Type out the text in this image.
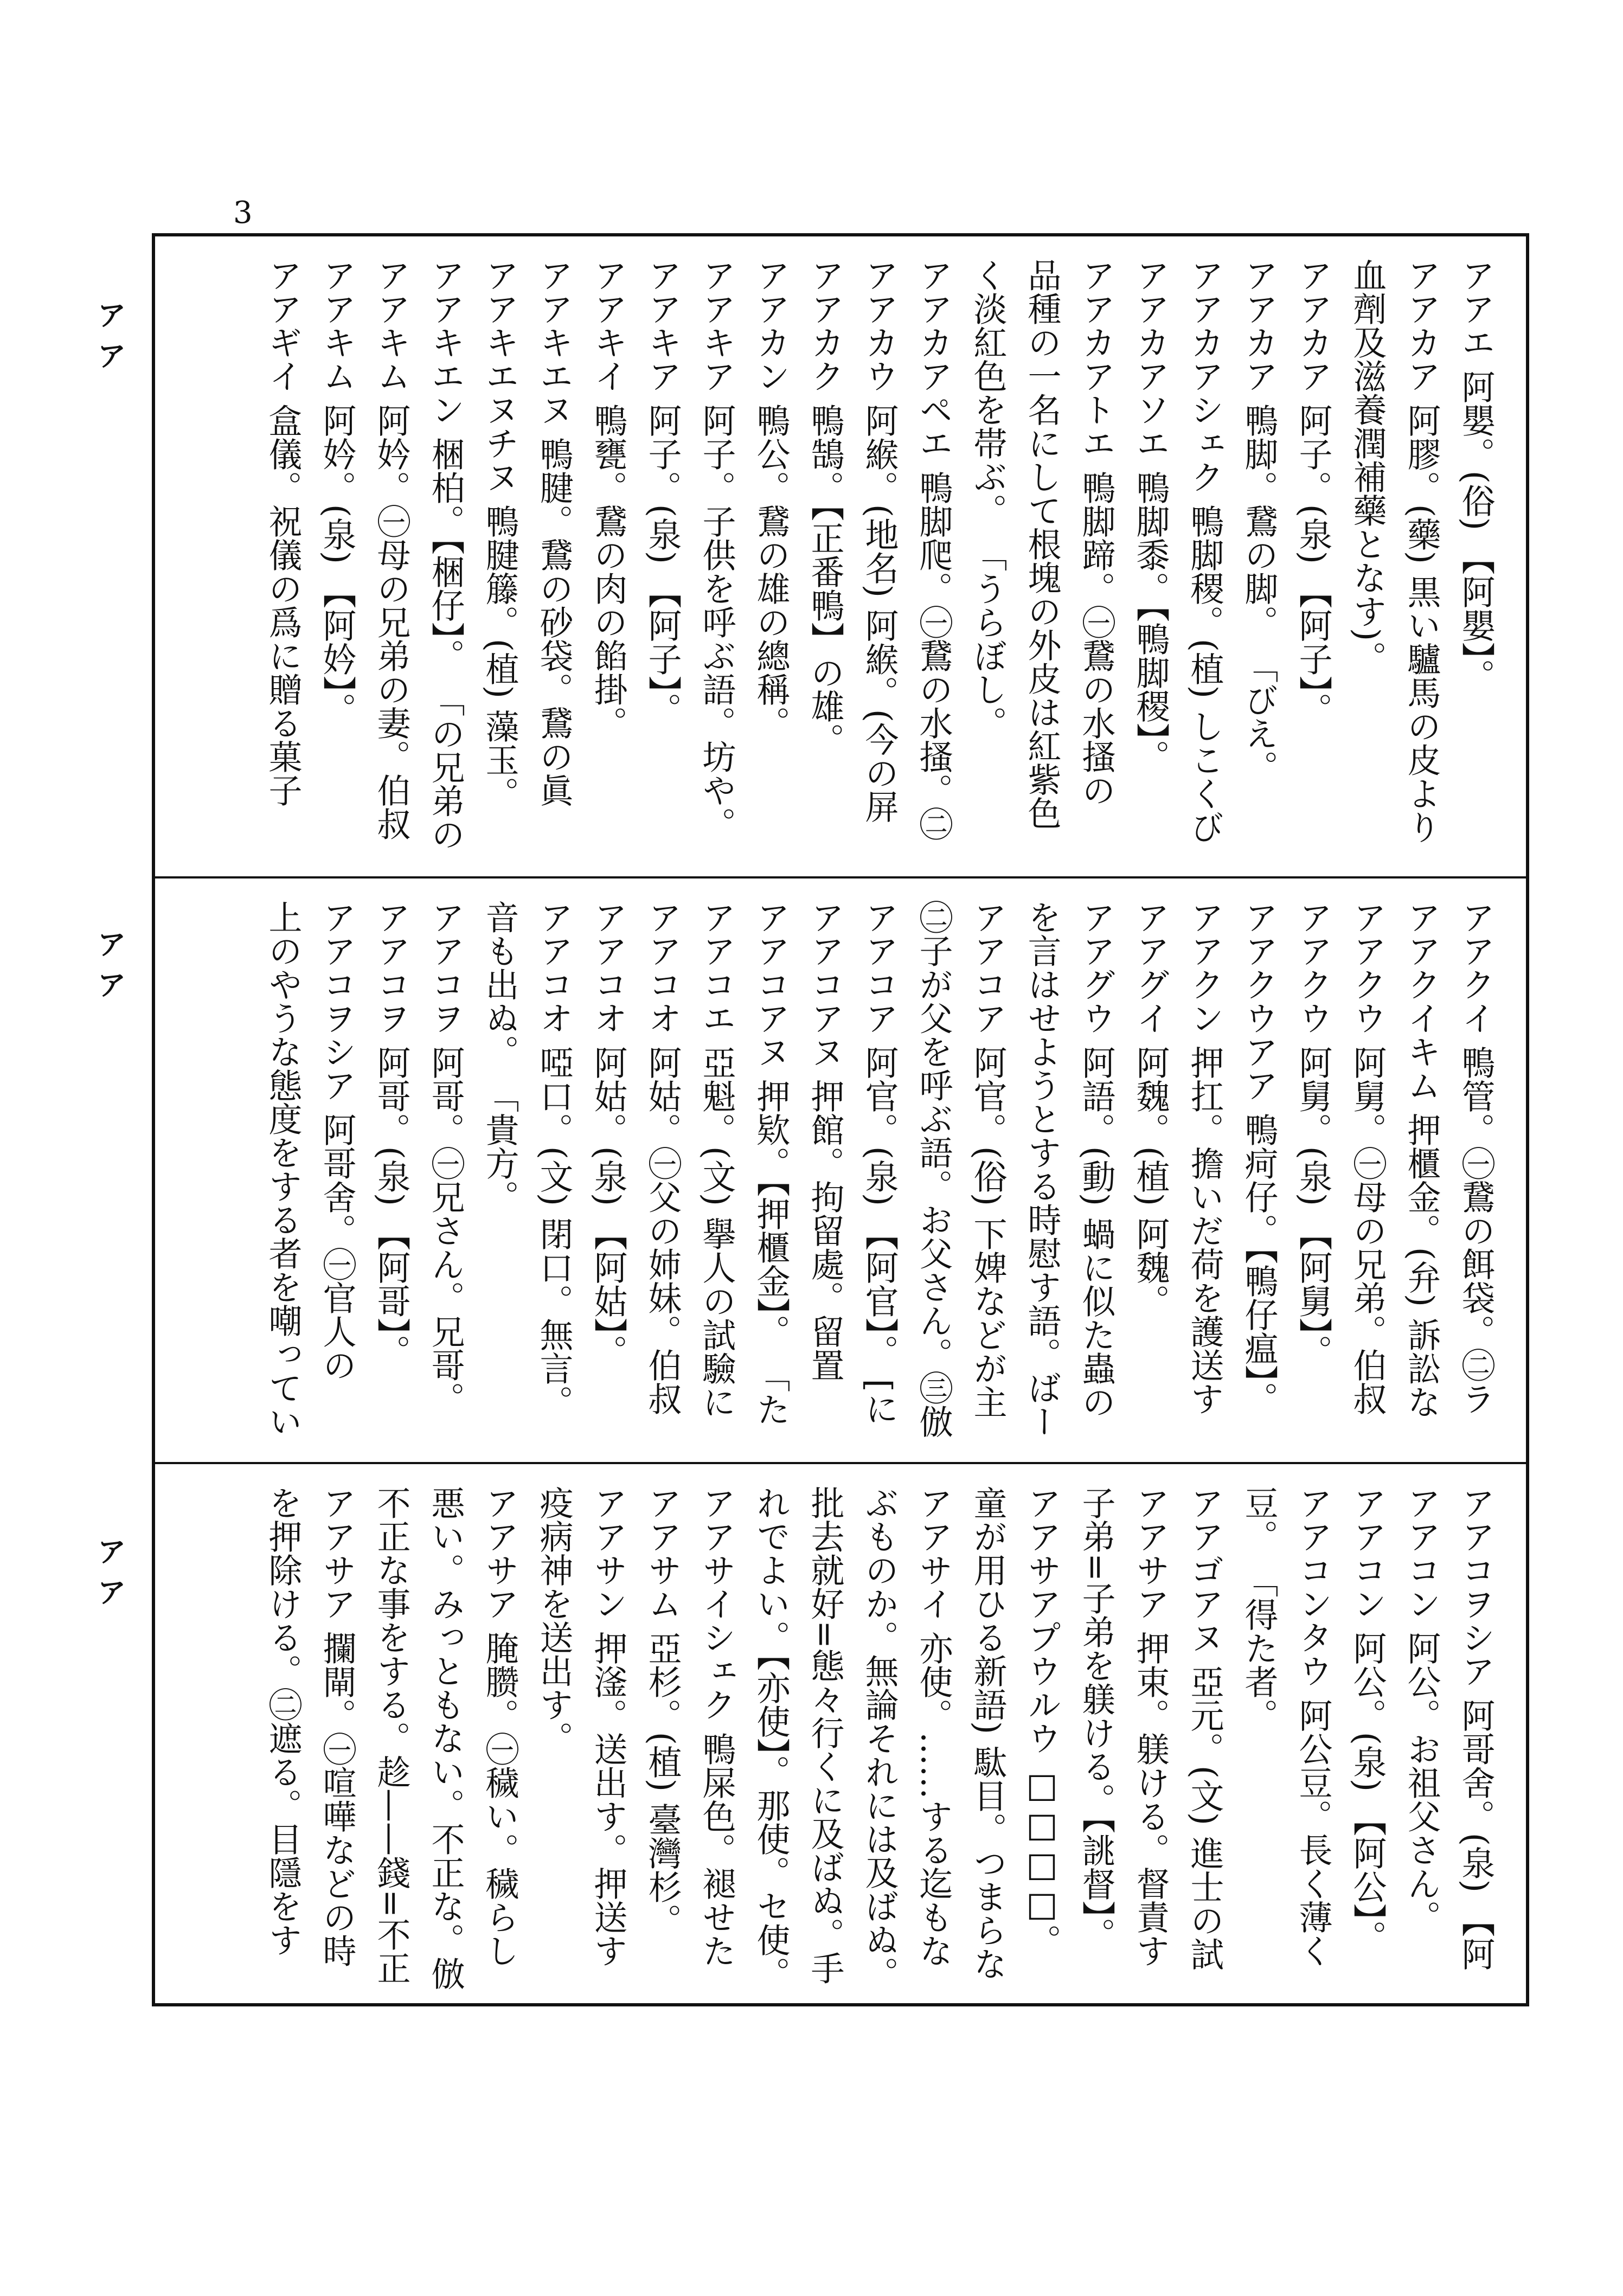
3
アア
アア
アア
アアエ 阿嬰。(俗) 【阿嬰】。
アアカア 阿膠。(藥) 黒い驢馬の皮より
血劑及滋養潤補藥となす)。
アアカア 阿子。(泉) 【阿子】。
アアカア 鴨脚。鵞の脚。 「びえ。
アアカアシェク 鴨脚稷。(植) しこくび
アアカアソエ 鴨脚黍。【鴨脚稷】。
アアカアトエ 鴨脚蹄。㊀鵞の水搔の
品種の一名にして根塊の外皮は紅紫色
く淡紅色を帯ぶ。 「うらぼし。
アアカアペエ 鴨脚爬。㊀鵞の水搔。㊁
アアカウ 阿緱。(地名) 阿緱。(今の屏
アアカク 鴨鵠。【正番鴨】の雄。
アアカン 鴨公。鵞の雄の總稱。
アアキア 阿子。子供を呼ぶ語。坊や。
アアキア 阿子。(泉) 【阿子】。
アアキイ 鴨甕。鵞の肉の餡掛。
アアキエヌ 鴨腱。鵞の砂袋。鵞の眞
アアキエヌチヌ 鴨腱籐。(植) 藻玉。
アアキエン 梱柏。【梱仔】。 「の兄弟の
アアキム 阿妗。㊀母の兄弟の妻。伯叔
アアキム 阿妗。(泉) 【阿妗】。
アアギイ 盒儀。祝儀の爲に贈る菓子
アアクイ 鴨管。㊀鵞の餌袋。㊁ラ
アアクイキム 押櫃金。(弁) 訴訟な
アアクウ 阿舅。㊀母の兄弟。伯叔
アアクウ 阿舅。(泉) 【阿舅】。
アアクウアア 鴨疴仔。【鴨仔瘟】。
アアクン 押扛。擔いだ荷を護送す
アアグイ 阿魏。(植) 阿魏。
アアグウ 阿語。(動) 蝸に似た蟲の
を言はせようとする時慰す語。ばー
アアコア 阿官。(俗) 下婢などが主
㊁子が父を呼ぶ語。お父さん。㊂倣
アアコア 阿官。(泉) 【阿官】。 [に
アアコアヌ 押館。拘留處。留置
アアコアヌ 押欵。【押櫃金】。 「た
アアコエ 亞魁。(文) 擧人の試驗に
アアコオ 阿姑。㊀父の姉妹。伯叔
アアコオ 阿姑。(泉) 【阿姑】。
アアコオ 啞口。(文) 閉口。無言。
音も出ぬ。 「貴方。
アアコヲ 阿哥。㊀兄さん。兄哥。
アアコヲ 阿哥。(泉) 【阿哥】。
アアコヲシア 阿哥舍。㊀官人の
上のやうな態度をする者を嘲ってい
アアコヲシア 阿哥舍。(泉) 【阿
アアコン 阿公。お祖父さん。
アアコン 阿公。(泉) 【阿公】。
アアコンタウ 阿公豆。長く薄く
豆。 「得た者。
アアゴアヌ 亞元。(文) 進士の試
アアサア 押束。躾ける。督責す
子弟=子弟を躾ける。【誂督】。
アアサアプウルウ □□□□。
童が用ひる新語) 駄目。つまらな
アアサイ 亦使。……する迄もな
ぶものか。無論それには及ばぬ。
批去就好=態々行くに及ばぬ。手
れでよい。【亦使】。那使。セ使。
アアサイシェク 鴨屎色。褪せた
アアサム 亞杉。(植) 臺灣杉。
アアサン 押滏。送出す。押送す
疫病神を送出す。
アアサア 腌臜。㊀穢い。穢らし
悪い。みっともない。不正な。倣
不正な事をする。趁——錢=不正
アアサア 攔閘。㊀喧嘩などの時
を押除ける。㊁遮る。目隱をす
